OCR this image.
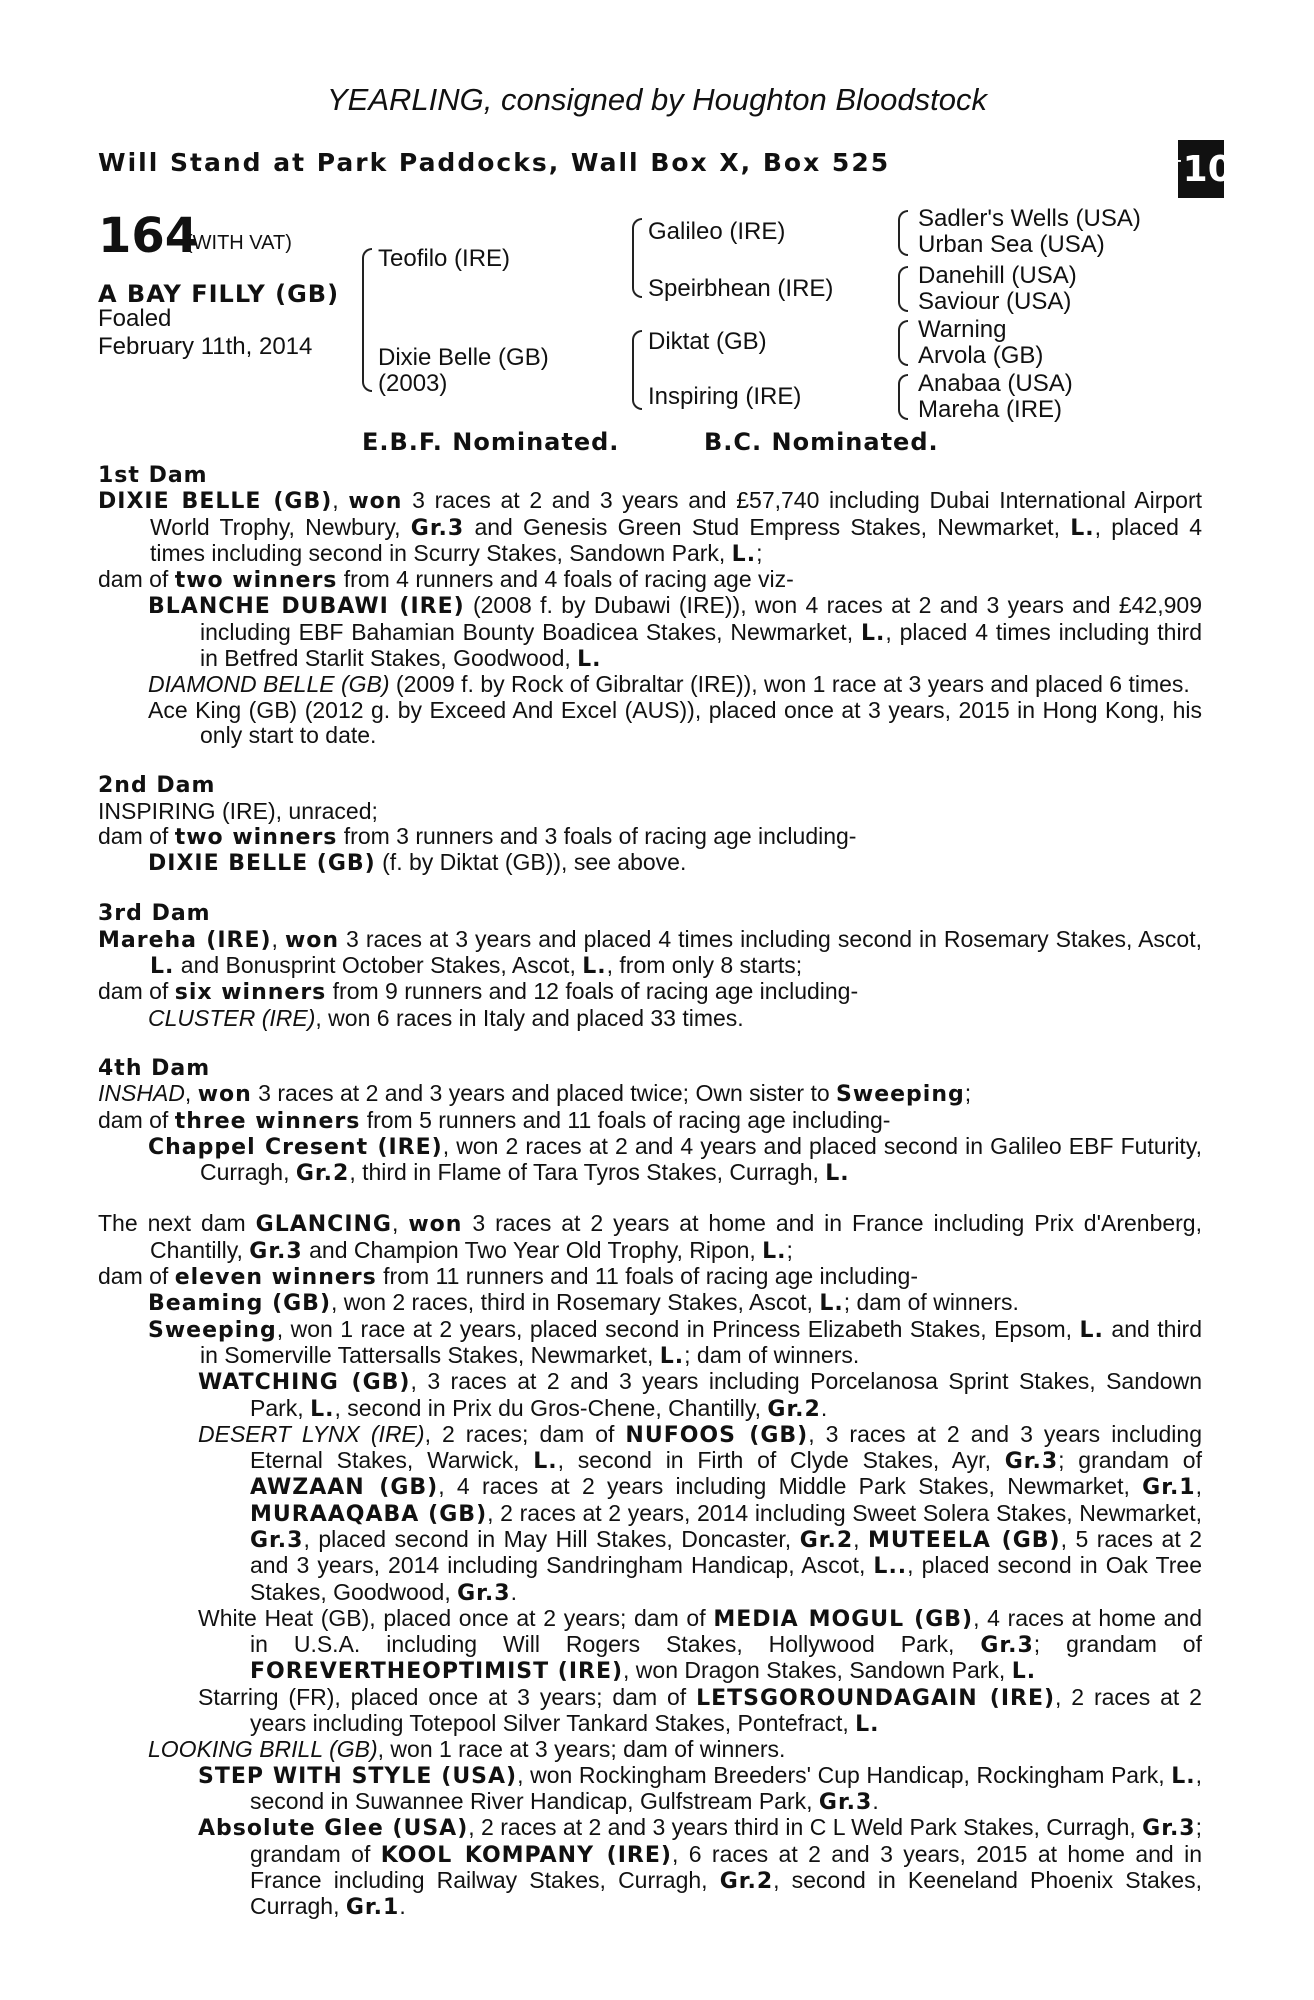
YEARLING, consigned by Houghton Bloodstock
Will Stand at Park Paddocks, Wall Box X, Box 525	+ 10
164
(WITH VAT)
A BAY FILLY (GB)
Foaled
February 11th, 2014
Teofilo (IRE)
Dixie Belle (GB)
(2003)
Galileo (IRE)
Speirbhean (IRE)
Diktat (GB)
Inspiring (IRE)
Sadler's Wells (USA)
Urban Sea (USA)
Danehill (USA)
Saviour (USA)
Warning
Arvola (GB)
Anabaa (USA)
Mareha (IRE)
E.B.F. Nominated.	B.C. Nominated.

1st Dam

DIXIE BELLE (GB), won 3 races at 2 and 3 years and £57,740 including Dubai International Airport World Trophy, Newbury, Gr.3 and Genesis Green Stud Empress Stakes, Newmarket, L., placed 4 times including second in Scurry Stakes, Sandown Park, L.;

dam of two winners from 4 runners and 4 foals of racing age viz-

BLANCHE DUBAWI (IRE) (2008 f. by Dubawi (IRE)), won 4 races at 2 and 3 years and £42,909 including EBF Bahamian Bounty Boadicea Stakes, Newmarket, L., placed 4 times including third in Betfred Starlit Stakes, Goodwood, L.

DIAMOND BELLE (GB) (2009 f. by Rock of Gibraltar (IRE)), won 1 race at 3 years and placed 6 times.

Ace King (GB) (2012 g. by Exceed And Excel (AUS)), placed once at 3 years, 2015 in Hong Kong, his only start to date.

2nd Dam

INSPIRING (IRE), unraced;

dam of two winners from 3 runners and 3 foals of racing age including-

DIXIE BELLE (GB) (f. by Diktat (GB)), see above.

3rd Dam

Mareha (IRE), won 3 races at 3 years and placed 4 times including second in Rosemary Stakes, Ascot, L. and Bonusprint October Stakes, Ascot, L., from only 8 starts;

dam of six winners from 9 runners and 12 foals of racing age including-

CLUSTER (IRE), won 6 races in Italy and placed 33 times.

4th Dam

INSHAD, won 3 races at 2 and 3 years and placed twice; Own sister to Sweeping;

dam of three winners from 5 runners and 11 foals of racing age including-

Chappel Cresent (IRE), won 2 races at 2 and 4 years and placed second in Galileo EBF Futurity, Curragh, Gr.2, third in Flame of Tara Tyros Stakes, Curragh, L.

The next dam GLANCING, won 3 races at 2 years at home and in France including Prix d'Arenberg, Chantilly, Gr.3 and Champion Two Year Old Trophy, Ripon, L.;

dam of eleven winners from 11 runners and 11 foals of racing age including-

Beaming (GB), won 2 races, third in Rosemary Stakes, Ascot, L.; dam of winners.

Sweeping, won 1 race at 2 years, placed second in Princess Elizabeth Stakes, Epsom, L. and third in Somerville Tattersalls Stakes, Newmarket, L.; dam of winners.

WATCHING (GB), 3 races at 2 and 3 years including Porcelanosa Sprint Stakes, Sandown Park, L., second in Prix du Gros-Chene, Chantilly, Gr.2.

DESERT LYNX (IRE), 2 races; dam of NUFOOS (GB), 3 races at 2 and 3 years including Eternal Stakes, Warwick, L., second in Firth of Clyde Stakes, Ayr, Gr.3; grandam of AWZAAN (GB), 4 races at 2 years including Middle Park Stakes, Newmarket, Gr.1, MURAAQABA (GB), 2 races at 2 years, 2014 including Sweet Solera Stakes, Newmarket, Gr.3, placed second in May Hill Stakes, Doncaster, Gr.2, MUTEELA (GB), 5 races at 2 and 3 years, 2014 including Sandringham Handicap, Ascot, L.., placed second in Oak Tree Stakes, Goodwood, Gr.3.

White Heat (GB), placed once at 2 years; dam of MEDIA MOGUL (GB), 4 races at home and in U.S.A. including Will Rogers Stakes, Hollywood Park, Gr.3; grandam of FOREVERTHEOPTIMIST (IRE), won Dragon Stakes, Sandown Park, L.

Starring (FR), placed once at 3 years; dam of LETSGOROUNDAGAIN (IRE), 2 races at 2 years including Totepool Silver Tankard Stakes, Pontefract, L.

LOOKING BRILL (GB), won 1 race at 3 years; dam of winners.

STEP WITH STYLE (USA), won Rockingham Breeders' Cup Handicap, Rockingham Park, L., second in Suwannee River Handicap, Gulfstream Park, Gr.3.

Absolute Glee (USA), 2 races at 2 and 3 years third in C L Weld Park Stakes, Curragh, Gr.3; grandam of KOOL KOMPANY (IRE), 6 races at 2 and 3 years, 2015 at home and in France including Railway Stakes, Curragh, Gr.2, second in Keeneland Phoenix Stakes, Curragh, Gr.1.
